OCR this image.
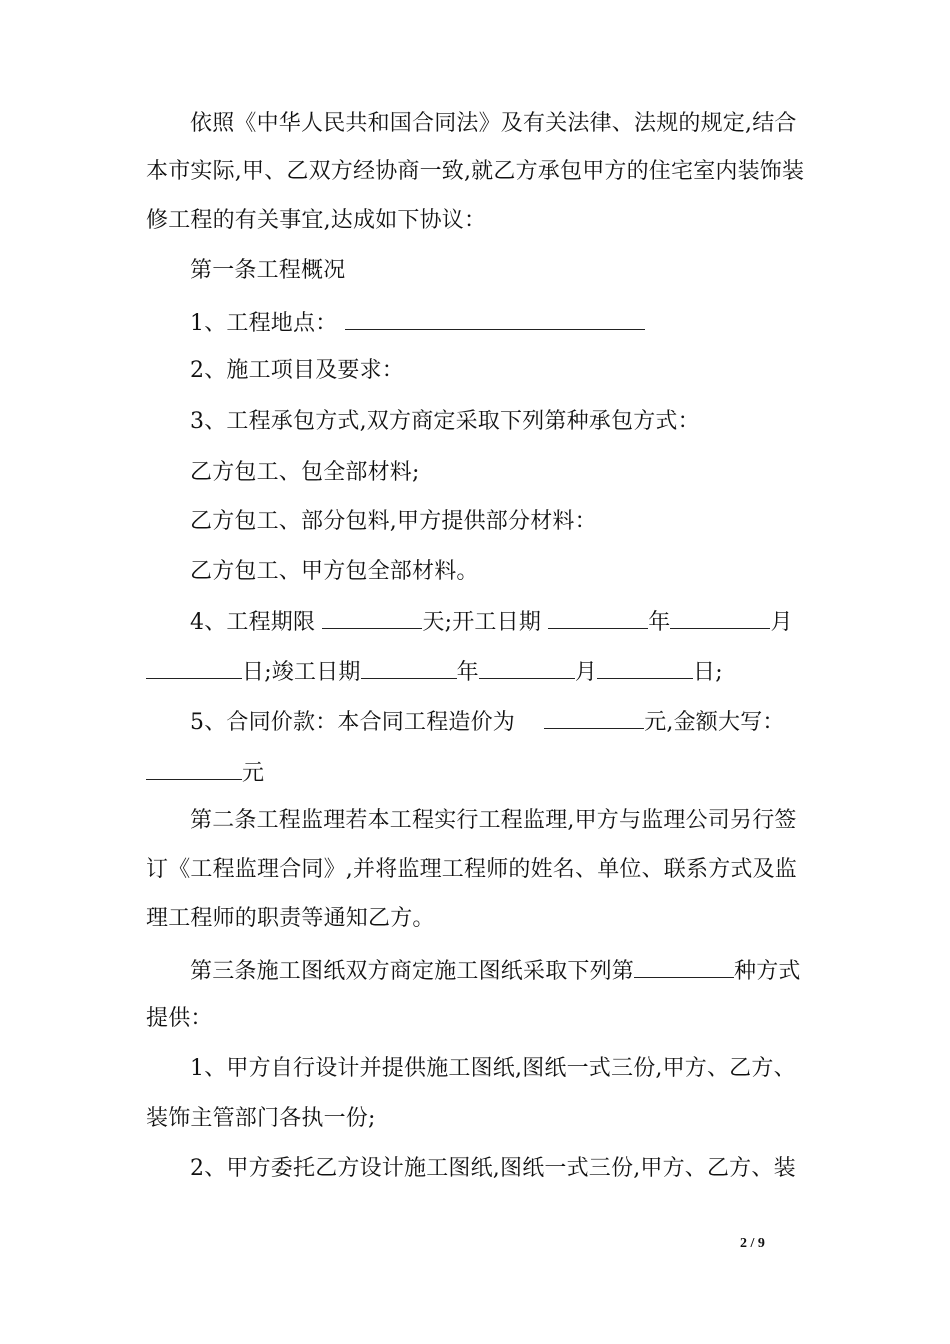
依照《中华人民共和国合同法》及有关法律、法规的规定,结合
本市实际,甲、乙双方经协商一致,就乙方承包甲方的住宅室内装饰装
修工程的有关事宜,达成如下协议：
第一条工程概况
1、工程地点：
2、施工项目及要求：
3、工程承包方式,双方商定采取下列第种承包方式：
乙方包工、包全部材料;
乙方包工、部分包料,甲方提供部分材料：
乙方包工、甲方包全部材料。
4、工程期限	天;开工日期	年	月
日;竣工日期	年	月	日;
5、合同价款：本合同工程造价为	元,金额大写：
元
第二条工程监理若本工程实行工程监理,甲方与监理公司另行签
订《工程监理合同》,并将监理工程师的姓名、单位、联系方式及监
理工程师的职责等通知乙方。
第三条施工图纸双方商定施工图纸采取下列第	种方式
提供：
1、甲方自行设计并提供施工图纸,图纸一式三份,甲方、乙方、
装饰主管部门各执一份;
2、甲方委托乙方设计施工图纸,图纸一式三份,甲方、乙方、装
2 / 9
